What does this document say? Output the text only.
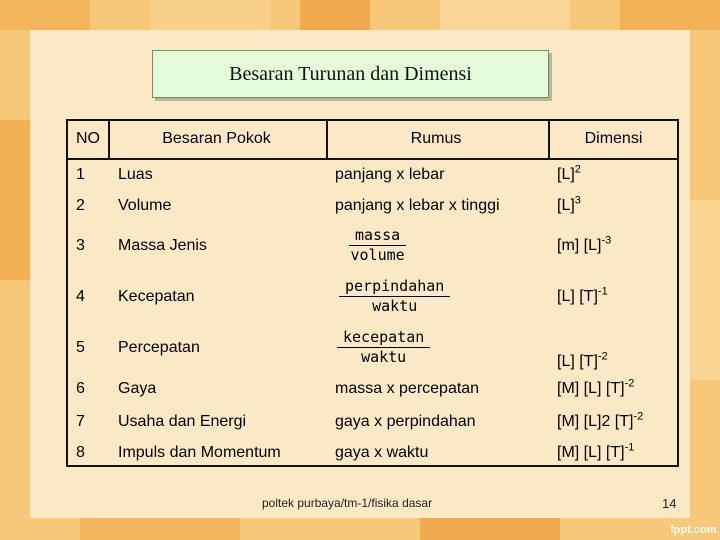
Besaran Turunan dan Dimensi
NO	Besaran Pokok	Rumus	Dimensi
1	Luas	panjang x lebar	$[L]^2$
2	Volume	panjang x lebar x tinggi	$[L]^3$
3	Massa Jenis	$\frac{\text{massa}}{\text{volume}}$	[m] $[L]^{-3}$
4	Kecepatan	$\frac{\text{perpindahan}}{\text{waktu}}$	[L] $[T]^{-1}$
5	Percepatan	$\frac{\text{kecepatan}}{\text{waktu}}$	[L] $[T]^{-2}$
6	Gaya	massa x percepatan	[M] [L] $[T]^{-2}$
7	Usaha dan Energi	gaya x perpindahan	[M] [L]2 $[T]^{-2}$
8	Impuls dan Momentum	gaya x waktu	[M] [L] $[T]^{-1}$
poltek purbaya/tm-1/fisika dasar	14
fppt.com
